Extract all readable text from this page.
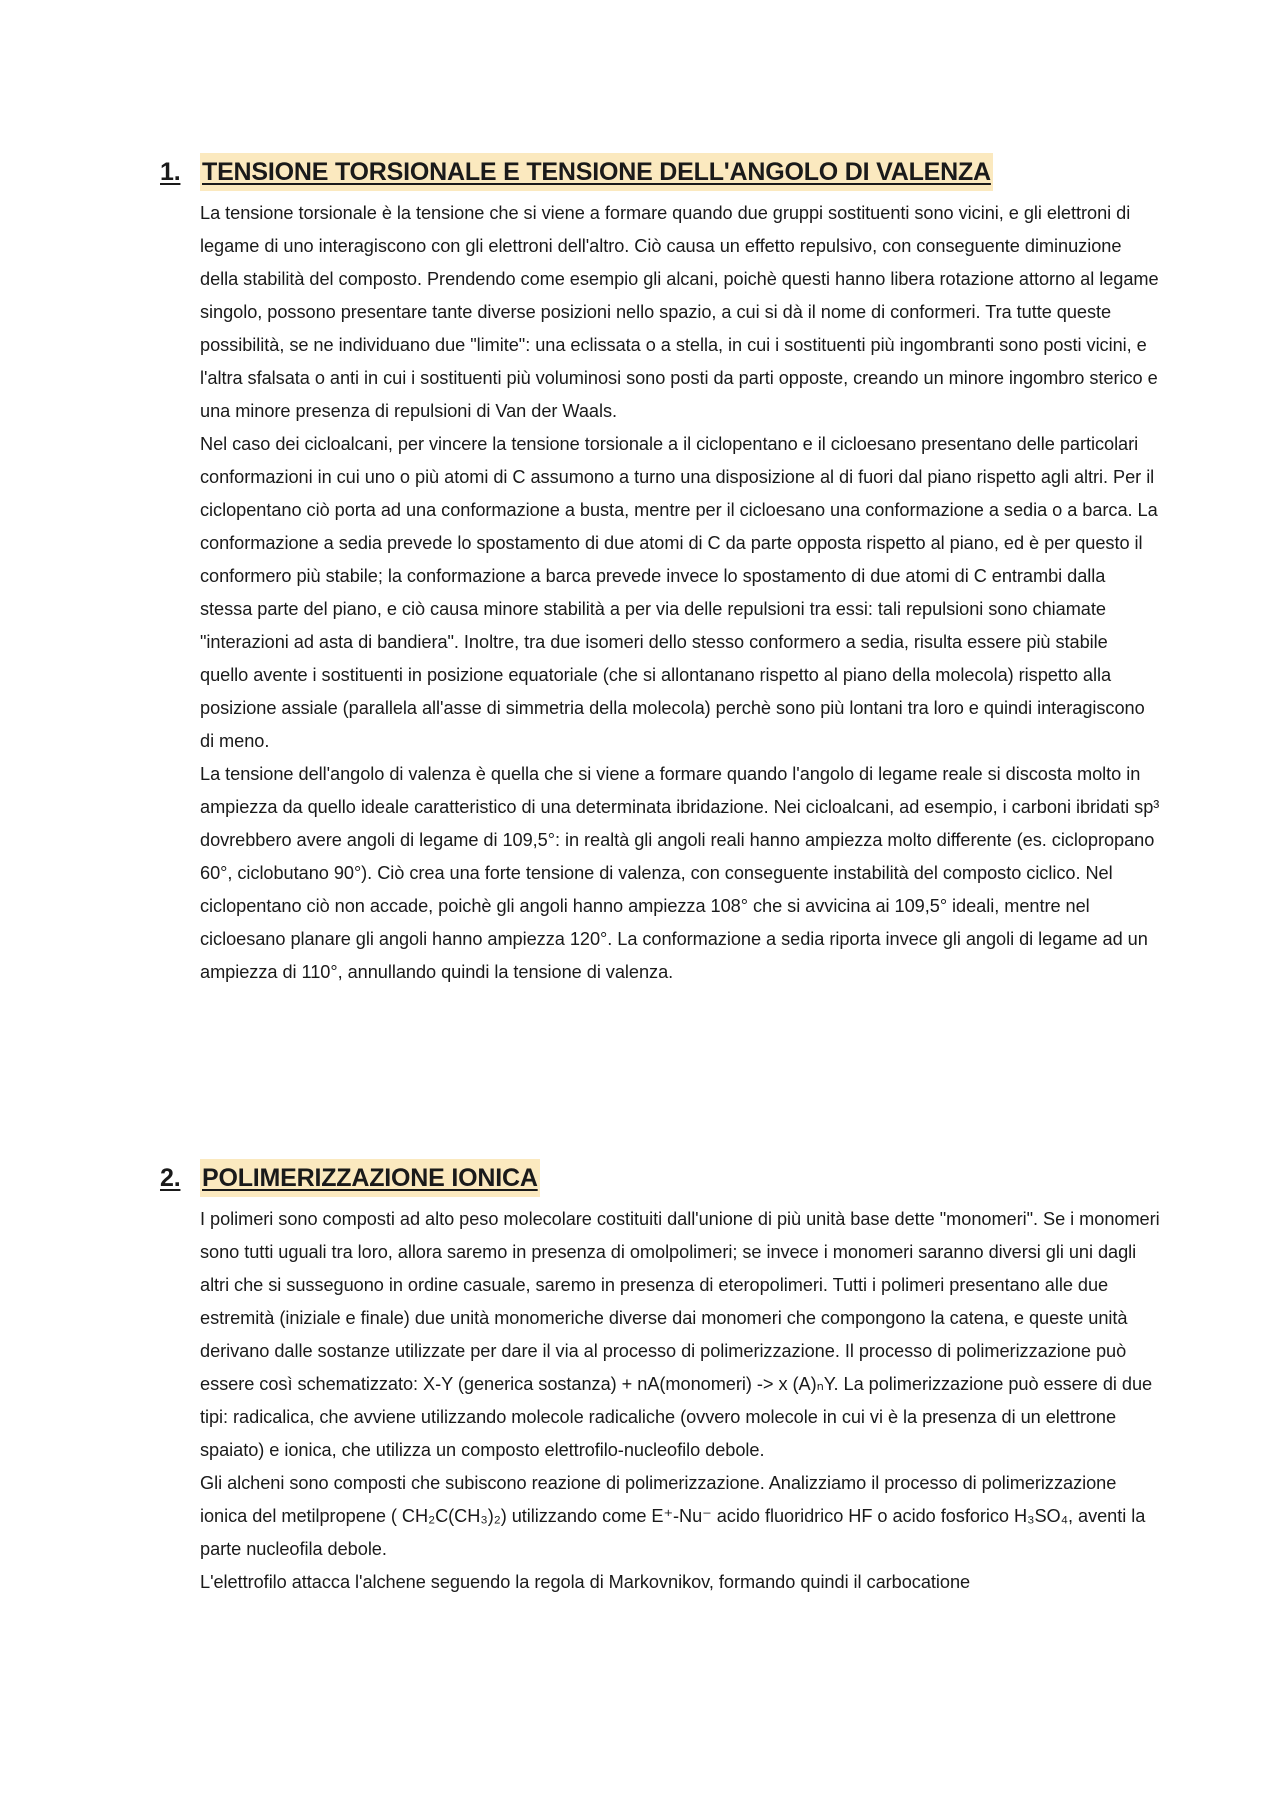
1. TENSIONE TORSIONALE E TENSIONE DELL'ANGOLO DI VALENZA

La tensione torsionale è la tensione che si viene a formare quando due gruppi sostituenti sono vicini, e gli elettroni di legame di uno interagiscono con gli elettroni dell'altro. Ciò causa un effetto repulsivo, con conseguente diminuzione della stabilità del composto. Prendendo come esempio gli alcani, poichè questi hanno libera rotazione attorno al legame singolo, possono presentare tante diverse posizioni nello spazio, a cui si dà il nome di conformeri. Tra tutte queste possibilità, se ne individuano due "limite": una eclissata o a stella, in cui i sostituenti più ingombranti sono posti vicini, e l'altra sfalsata o anti in cui i sostituenti più voluminosi sono posti da parti opposte, creando un minore ingombro sterico e una minore presenza di repulsioni di Van der Waals.

Nel caso dei cicloalcani, per vincere la tensione torsionale a il ciclopentano e il cicloesano presentano delle particolari conformazioni in cui uno o più atomi di C assumono a turno una disposizione al di fuori dal piano rispetto agli altri. Per il ciclopentano ciò porta ad una conformazione a busta, mentre per il cicloesano una conformazione a sedia o a barca. La conformazione a sedia prevede lo spostamento di due atomi di C da parte opposta rispetto al piano, ed è per questo il conformero più stabile; la conformazione a barca prevede invece lo spostamento di due atomi di C entrambi dalla stessa parte del piano, e ciò causa minore stabilità a per via delle repulsioni tra essi: tali repulsioni sono chiamate "interazioni ad asta di bandiera". Inoltre, tra due isomeri dello stesso conformero a sedia, risulta essere più stabile quello avente i sostituenti in posizione equatoriale (che si allontanano rispetto al piano della molecola) rispetto alla posizione assiale (parallela all'asse di simmetria della molecola) perchè sono più lontani tra loro e quindi interagiscono di meno.

La tensione dell'angolo di valenza è quella che si viene a formare quando l'angolo di legame reale si discosta molto in ampiezza da quello ideale caratteristico di una determinata ibridazione. Nei cicloalcani, ad esempio, i carboni ibridati sp³ dovrebbero avere angoli di legame di 109,5°: in realtà gli angoli reali hanno ampiezza molto differente (es. ciclopropano 60°, ciclobutano 90°). Ciò crea una forte tensione di valenza, con conseguente instabilità del composto ciclico. Nel ciclopentano ciò non accade, poichè gli angoli hanno ampiezza 108° che si avvicina ai 109,5° ideali, mentre nel cicloesano planare gli angoli hanno ampiezza 120°. La conformazione a sedia riporta invece gli angoli di legame ad un ampiezza di 110°, annullando quindi la tensione di valenza.

2. POLIMERIZZAZIONE IONICA

I polimeri sono composti ad alto peso molecolare costituiti dall'unione di più unità base dette "monomeri". Se i monomeri sono tutti uguali tra loro, allora saremo in presenza di omolpolimeri; se invece i monomeri saranno diversi gli uni dagli altri che si susseguono in ordine casuale, saremo in presenza di eteropolimeri. Tutti i polimeri presentano alle due estremità (iniziale e finale) due unità monomeriche diverse dai monomeri che compongono la catena, e queste unità derivano dalle sostanze utilizzate per dare il via al processo di polimerizzazione. Il processo di polimerizzazione può essere così schematizzato: X-Y (generica sostanza) + nA(monomeri) -> x (A)ₙY. La polimerizzazione può essere di due tipi: radicalica, che avviene utilizzando molecole radicaliche (ovvero molecole in cui vi è la presenza di un elettrone spaiato) e ionica, che utilizza un composto elettrofilo-nucleofilo debole.

Gli alcheni sono composti che subiscono reazione di polimerizzazione. Analizziamo il processo di polimerizzazione ionica del metilpropene ( CH₂C(CH₃)₂) utilizzando come E⁺-Nu⁻ acido fluoridrico HF o acido fosforico H₃SO₄, aventi la parte nucleofila debole.

L'elettrofilo attacca l'alchene seguendo la regola di Markovnikov, formando quindi il carbocatione
